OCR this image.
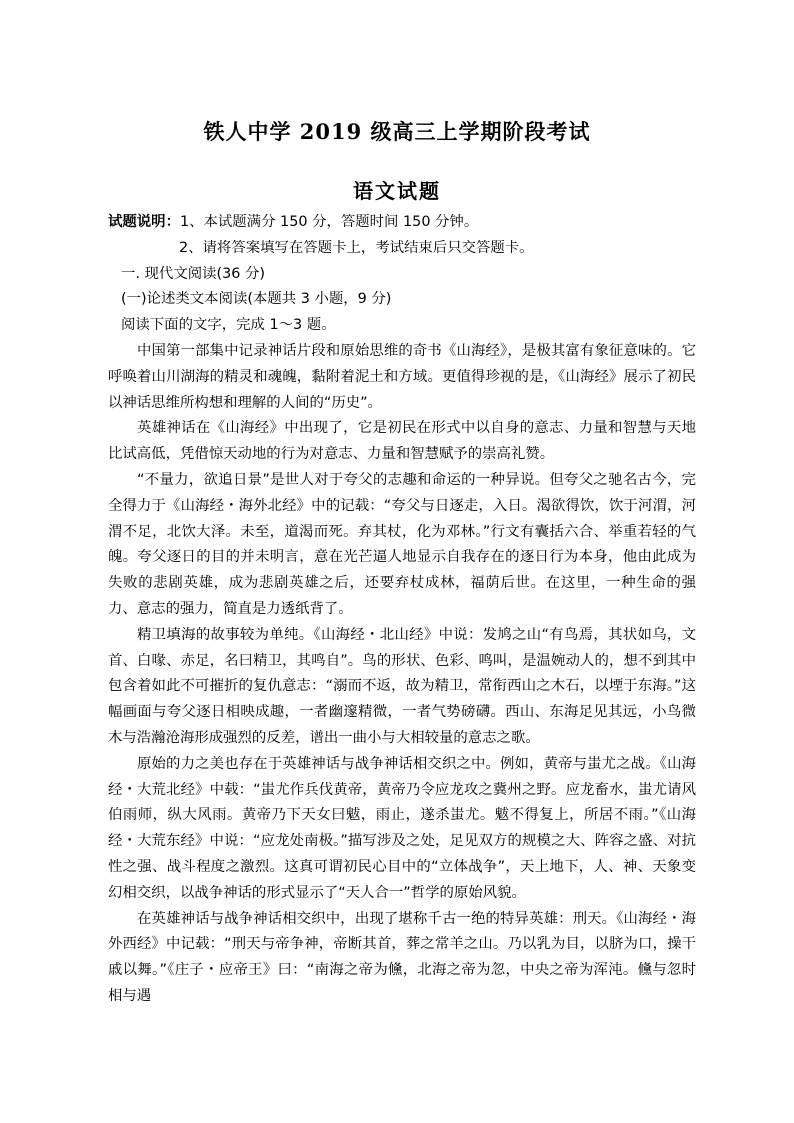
铁人中学 2019 级高三上学期阶段考试
语文试题

试题说明：1、本试题满分 150 分，答题时间 150 分钟。

2、请将答案填写在答题卡上，考试结束后只交答题卡。

一. 现代文阅读(36 分)

(一)论述类文本阅读(本题共 3 小题，9 分)

阅读下面的文字，完成 1～3 题。

中国第一部集中记录神话片段和原始思维的奇书《山海经》，是极其富有象征意味的。它呼唤着山川湖海的精灵和魂魄，黏附着泥土和方域。更值得珍视的是，《山海经》展示了初民以神话思维所构想和理解的人间的“历史”。

英雄神话在《山海经》中出现了，它是初民在形式中以自身的意志、力量和智慧与天地比试高低，凭借惊天动地的行为对意志、力量和智慧赋予的崇高礼赞。

“不量力，欲追日景”是世人对于夸父的志趣和命运的一种异说。但夸父之驰名古今，完全得力于《山海经・海外北经》中的记载：“夸父与日逐走，入日。渴欲得饮，饮于河渭，河渭不足，北饮大泽。未至，道渴而死。弃其杖，化为邓林。”行文有囊括六合、举重若轻的气魄。夸父逐日的目的并未明言，意在光芒逼人地显示自我存在的逐日行为本身，他由此成为失败的悲剧英雄，成为悲剧英雄之后，还要弃杖成林，福荫后世。在这里，一种生命的强力、意志的强力，简直是力透纸背了。

精卫填海的故事较为单纯。《山海经・北山经》中说：发鸠之山“有鸟焉，其状如乌，文首、白喙、赤足，名曰精卫，其鸣自”。鸟的形状、色彩、鸣叫，是温婉动人的，想不到其中包含着如此不可摧折的复仇意志：“溺而不返，故为精卫，常衔西山之木石，以堙于东海。”这幅画面与夸父逐日相映成趣，一者幽邃精微，一者气势磅礴。西山、东海足见其远，小鸟微木与浩瀚沧海形成强烈的反差，谱出一曲小与大相较量的意志之歌。

原始的力之美也存在于英雄神话与战争神话相交织之中。例如，黄帝与蚩尤之战。《山海经・大荒北经》中载：“蚩尤作兵伐黄帝，黄帝乃令应龙攻之冀州之野。应龙畜水，蚩尤请风伯雨师，纵大风雨。黄帝乃下天女曰魃，雨止，遂杀蚩尤。魃不得复上，所居不雨。”《山海经・大荒东经》中说：“应龙处南极。”描写涉及之处，足见双方的规模之大、阵容之盛、对抗性之强、战斗程度之激烈。这真可谓初民心目中的“立体战争”，天上地下，人、神、天象变幻相交织，以战争神话的形式显示了“天人合一”哲学的原始风貌。

在英雄神话与战争神话相交织中，出现了堪称千古一绝的特异英雄：刑天。《山海经・海外西经》中记载：“刑天与帝争神，帝断其首，葬之常羊之山。乃以乳为目，以脐为口，操干戚以舞。”《庄子・应帝王》曰：“南海之帝为儵，北海之帝为忽，中央之帝为浑沌。儵与忽时相与遇
